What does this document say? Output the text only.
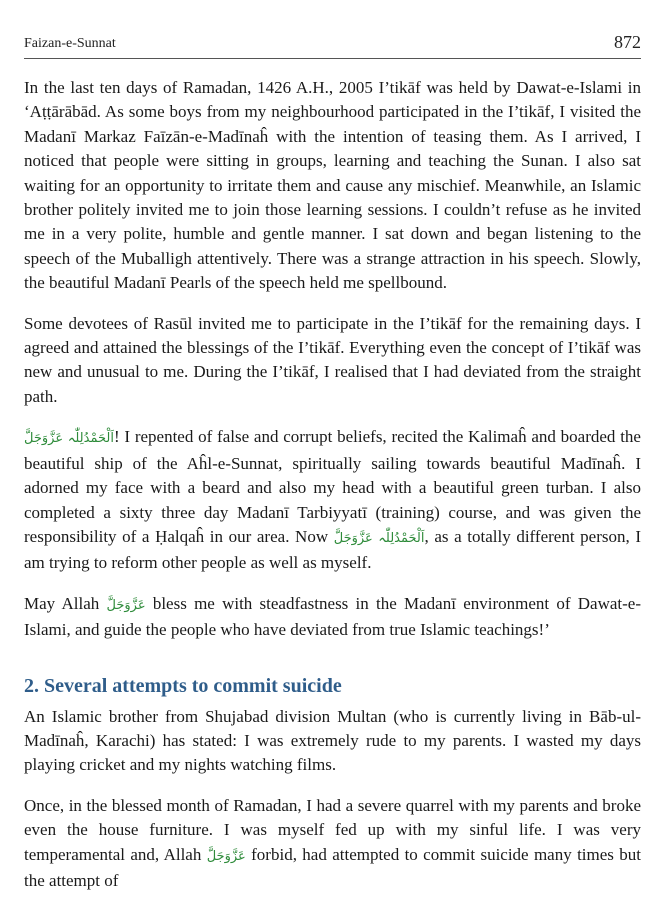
Faizan-e-Sunnat	872

In the last ten days of Ramadan, 1426 A.H., 2005 I’tikāf was held by Dawat-e-Islami in ‘Aṭṭārābād. As some boys from my neighbourhood participated in the I’tikāf, I visited the Madanī Markaz Faīzān-e-Madīnaĥ with the intention of teasing them. As I arrived, I noticed that people were sitting in groups, learning and teaching the Sunan. I also sat waiting for an opportunity to irritate them and cause any mischief. Meanwhile, an Islamic brother politely invited me to join those learning sessions. I couldn’t refuse as he invited me in a very polite, humble and gentle manner. I sat down and began listening to the speech of the Muballigh attentively. There was a strange attraction in his speech. Slowly, the beautiful Madanī Pearls of the speech held me spellbound.

Some devotees of Rasūl invited me to participate in the I’tikāf for the remaining days. I agreed and attained the blessings of the I’tikāf. Everything even the concept of I’tikāf was new and unusual to me. During the I’tikāf, I realised that I had deviated from the straight path.

اَلْحَمْدُلِلّٰہ عَزَّوَجَلَّ! I repented of false and corrupt beliefs, recited the Kalimaĥ and boarded the beautiful ship of the Aĥl-e-Sunnat, spiritually sailing towards beautiful Madīnaĥ. I adorned my face with a beard and also my head with a beautiful green turban. I also completed a sixty three day Madanī Tarbiyyatī (training) course, and was given the responsibility of a Ḥalqaĥ in our area. Now اَلْحَمْدُلِلّٰہ عَزَّوَجَلَّ, as a totally different person, I am trying to reform other people as well as myself.

May Allah عَزَّوَجَلَّ bless me with steadfastness in the Madanī environment of Dawat-e-Islami, and guide the people who have deviated from true Islamic teachings!’

2. Several attempts to commit suicide

An Islamic brother from Shujabad division Multan (who is currently living in Bāb-ul-Madīnaĥ, Karachi) has stated: I was extremely rude to my parents. I wasted my days playing cricket and my nights watching films.

Once, in the blessed month of Ramadan, I had a severe quarrel with my parents and broke even the house furniture. I was myself fed up with my sinful life. I was very temperamental and, Allah عَزَّوَجَلَّ forbid, had attempted to commit suicide many times but the attempt of
